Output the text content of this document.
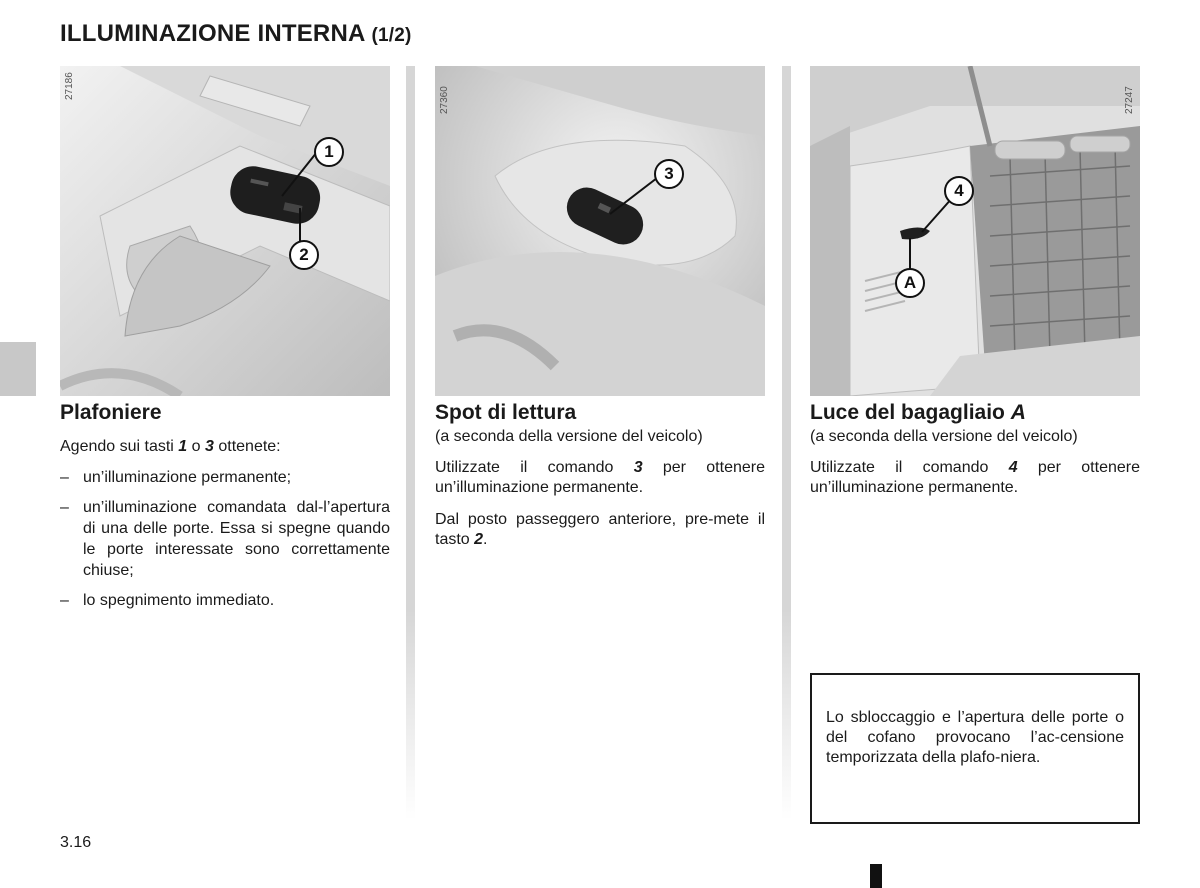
ILLUMINAZIONE INTERNA (1/2)
27186
1
2
Plafoniere

Agendo sui tasti 1 o 3 ottenete:

– un’illuminazione permanente;
– un’illuminazione comandata dal-l’apertura di una delle porte. Essa si spegne quando le porte interessate sono correttamente chiuse;
– lo spegnimento immediato.
27360
3
Spot di lettura
(a seconda della versione del veicolo)

Utilizzate il comando 3 per ottenere un’illuminazione permanente.

Dal posto passeggero anteriore, pre-mete il tasto 2.

27247
4
A
Luce del bagagliaio A
(a seconda della versione del veicolo)

Utilizzate il comando 4 per ottenere un’illuminazione permanente.

Lo sbloccaggio e l’apertura delle porte o del cofano provocano l’ac-censione temporizzata della plafo-niera.

3.16
